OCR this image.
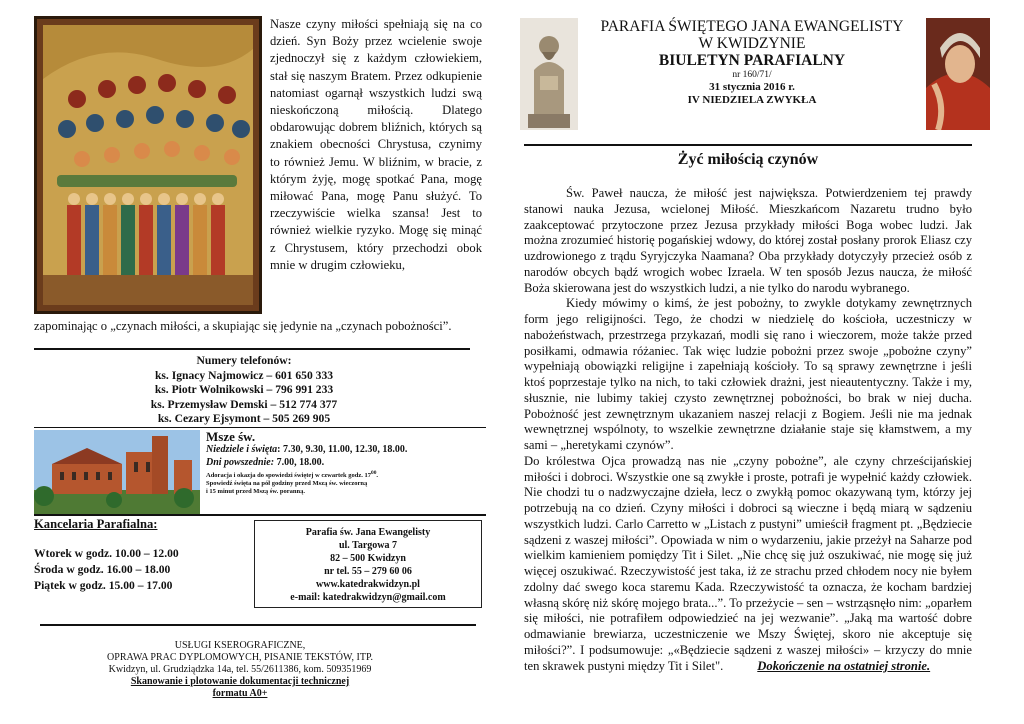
Nasze czyny miłości spełniają się na co dzień. Syn Boży przez wcielenie swoje zjednoczył się z każdym człowiekiem, stał się naszym Bratem. Przez odkupienie natomiast ogarnął wszystkich ludzi swą nieskończoną miłością. Dlatego obdarowując dobrem bliźnich, których są znakiem obecności Chrystusa, czynimy to również Jemu. W bliźnim, w bracie, z którym żyję, mogę spotkać Pana, mogę miłować Pana, mogę Panu służyć. To rzeczywiście wielka szansa! Jest to również wielkie ryzyko. Mogę się minąć z Chrystusem, który przechodzi obok mnie w drugim człowieku,
zapominając o „czynach miłości, a skupiając się jedynie na „czynach pobożności”.
Numery telefonów:
ks. Ignacy Najmowicz – 601 650 333
ks. Piotr Wolnikowski – 796 991 233
ks. Przemysław Demski – 512 774 377
ks. Cezary Ejsymont – 505 269 905
Msze św.
Niedziele i święta: 7.30, 9.30, 11.00, 12.30, 18.00.
Dni powszednie: 7.00, 18.00.
Adoracja i okazja do spowiedzi świętej w czwartek godz. $17^{00}$.
Spowiedź święta na pół godziny przed Mszą św. wieczorną
i 15 minut przed Mszą św. poranną.
Kancelaria Parafialna:
Wtorek w godz. 10.00 – 12.00
Środa w godz. 16.00 – 18.00
Piątek w godz. 15.00 – 17.00
Parafia św. Jana Ewangelisty
ul. Targowa 7
82 – 500 Kwidzyn
nr tel. 55 – 279 60 06
www.katedrakwidzyn.pl
e-mail: katedrakwidzyn@gmail.com
USŁUGI KSEROGRAFICZNE,
OPRAWA PRAC DYPLOMOWYCH, PISANIE TEKSTÓW, ITP.
Kwidzyn, ul. Grudziądzka 14a, tel. 55/2611386, kom. 509351969
Skanowanie i plotowanie dokumentacji technicznej
formatu A0+
PARAFIA ŚWIĘTEGO JANA EWANGELISTY
W KWIDZYNIE
BIULETYN PARAFIALNY
nr 160/71/
31 stycznia 2016 r.
IV NIEDZIELA ZWYKŁA
Żyć miłością czynów

Św. Paweł naucza, że miłość jest największa. Potwierdzeniem tej prawdy stanowi nauka Jezusa, wcielonej Miłość. Mieszkańcom Nazaretu trudno było zaakceptować przytoczone przez Jezusa przykłady miłości Boga wobec ludzi. Jak można zrozumieć historię pogańskiej wdowy, do której został posłany prorok Eliasz czy uzdrowionego z trądu Syryjczyka Naamana? Oba przykłady dotyczyły przecież osób z narodów obcych bądź wrogich wobec Izraela. W ten sposób Jezus naucza, że miłość Boża skierowana jest do wszystkich ludzi, a nie tylko do narodu wybranego.

Kiedy mówimy o kimś, że jest pobożny, to zwykle dotykamy zewnętrznych form jego religijności. Tego, że chodzi w niedzielę do kościoła, uczestniczy w nabożeństwach, przestrzega przykazań, modli się rano i wieczorem, może także przed posiłkami, odmawia różaniec. Tak więc ludzie pobożni przez swoje „pobożne czyny” wypełniają obowiązki religijne i zapełniają kościoły. To są sprawy zewnętrzne i jeśli ktoś poprzestaje tylko na nich, to taki człowiek drażni, jest nieautentyczny. Także i my, słusznie, nie lubimy takiej czysto zewnętrznej pobożności, bo brak w niej ducha. Pobożność jest zewnętrznym ukazaniem naszej relacji z Bogiem. Jeśli nie ma jednak wewnętrznej wspólnoty, to wszelkie zewnętrzne działanie staje się kłamstwem, a my sami – „heretykami czynów”.

Do królestwa Ojca prowadzą nas nie „czyny pobożne”, ale czyny chrześcijańskiej miłości i dobroci. Wszystkie one są zwykłe i proste, potrafi je wypełnić każdy człowiek. Nie chodzi tu o nadzwyczajne dzieła, lecz o zwykłą pomoc okazywaną tym, którzy jej potrzebują na co dzień. Czyny miłości i dobroci są wieczne i będą miarą w sądzeniu wszystkich ludzi. Carlo Carretto w „Listach z pustyni” umieścił fragment pt. „Będziecie sądzeni z waszej miłości”. Opowiada w nim o wydarzeniu, jakie przeżył na Saharze pod wielkim kamieniem pomiędzy Tit i Silet. „Nie chcę się już oszukiwać, nie mogę się już więcej oszukiwać. Rzeczywistość jest taka, iż ze strachu przed chłodem nocy nie byłem zdolny dać swego koca staremu Kada. Rzeczywistość ta oznacza, że kocham bardziej własną skórę niż skórę mojego brata...”. To przeżycie – sen – wstrząsnęło nim: „oparłem się miłości, nie potrafiłem odpowiedzieć na jej wezwanie”. „Jaką ma wartość dobre odmawianie brewiarza, uczestniczenie we Mszy Świętej, skoro nie akceptuje się miłości?”. I podsumowuje: „«Będziecie sądzeni z waszej miłości» – krzyczy do mnie ten skrawek pustyni między Tit i Silet".	Dokończenie na ostatniej stronie.
